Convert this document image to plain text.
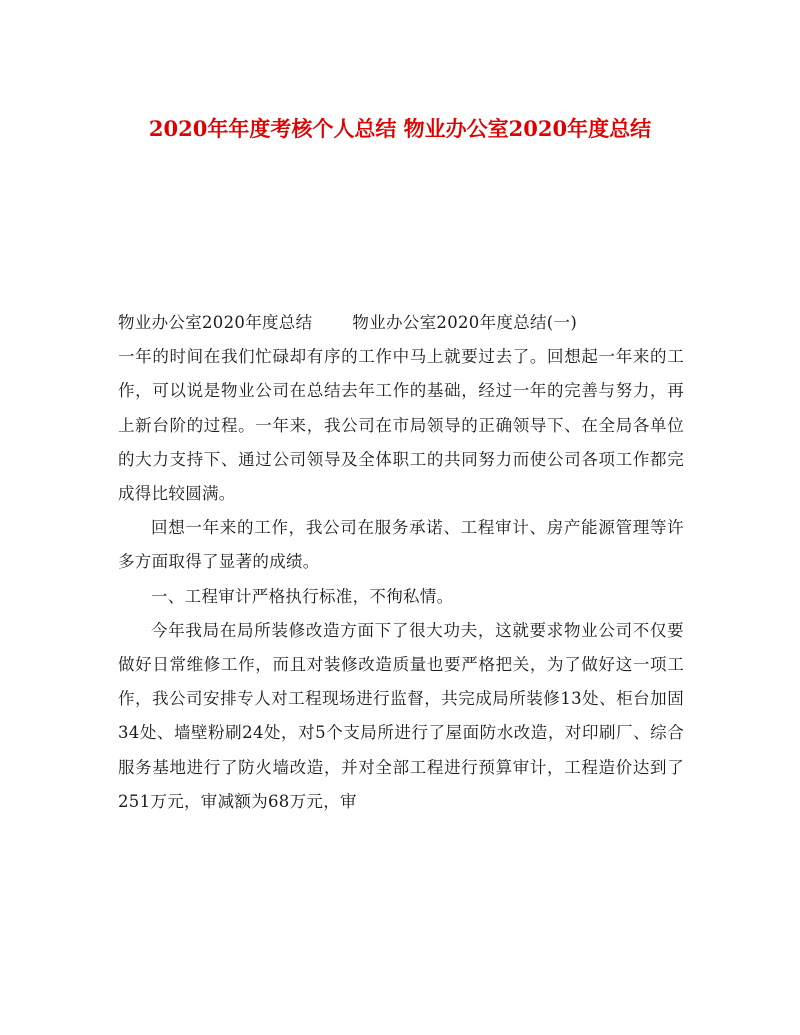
2020年年度考核个人总结 物业办公室2020年度总结

物业办公室2020年度总结 物业办公室2020年度总结(一)

一年的时间在我们忙碌却有序的工作中马上就要过去了。回想起一年来的工作，可以说是物业公司在总结去年工作的基础，经过一年的完善与努力，再上新台阶的过程。一年来，我公司在市局领导的正确领导下、在全局各单位的大力支持下、通过公司领导及全体职工的共同努力而使公司各项工作都完成得比较圆满。

回想一年来的工作，我公司在服务承诺、工程审计、房产能源管理等许多方面取得了显著的成绩。

一、工程审计严格执行标准，不徇私情。

今年我局在局所装修改造方面下了很大功夫，这就要求物业公司不仅要做好日常维修工作，而且对装修改造质量也要严格把关，为了做好这一项工作，我公司安排专人对工程现场进行监督，共完成局所装修13处、柜台加固34处、墙壁粉刷24处，对5个支局所进行了屋面防水改造，对印刷厂、综合服务基地进行了防火墙改造，并对全部工程进行预算审计，工程造价达到了251万元，审减额为68万元，审
